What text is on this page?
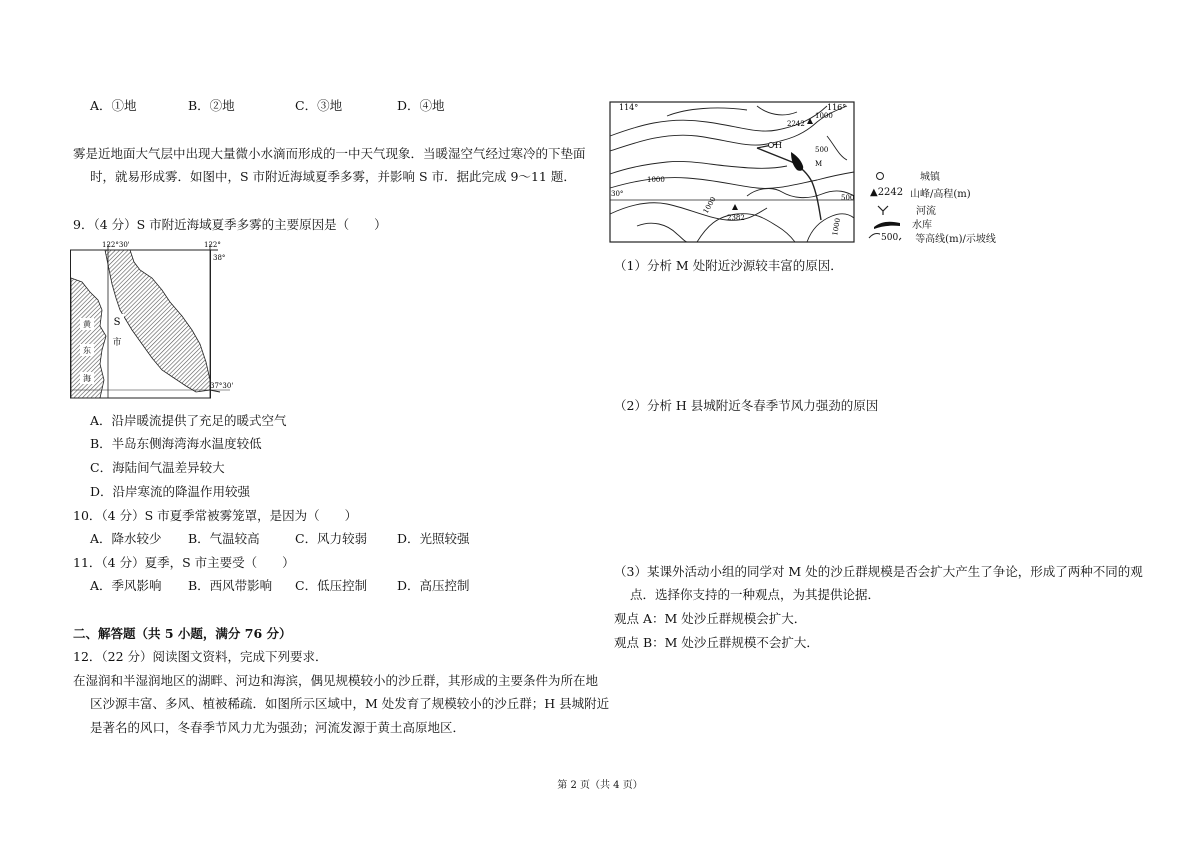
A．①地	B．②地	C．③地	D．④地
雾是近地面大气层中出现大量微小水滴而形成的一中天气现象．当暖湿空气经过寒冷的下垫面
时，就易形成雾．如图中，S 市附近海域夏季多雾，并影响 S 市．据此完成 9～11 题．
9．（4 分）S 市附近海域夏季多雾的主要原因是（　　）
S
市
黄
东
海
122°30'	122°
38°
37°30'
A．沿岸暖流提供了充足的暖式空气
B．半岛东侧海湾海水温度较低
C．海陆间气温差异较大
D．沿岸寒流的降温作用较强
10．（4 分）S 市夏季常被雾笼罩，是因为（　　）
A．降水较少 B．气温较高	C．风力较弱 D．光照较强
11．（4 分）夏季，S 市主要受（　　）
A．季风影响 B．西风带影响 C．低压控制 D．高压控制
二、解答题（共 5 小题，满分 76 分）
12．（22 分）阅读图文资料，完成下列要求．
在湿润和半湿润地区的湖畔、河边和海滨，偶见规模较小的沙丘群，其形成的主要条件为所在地
区沙源丰富、多风、植被稀疏．如图所示区域中，M 处发育了规模较小的沙丘群；H 县城附近
是著名的风口，冬春季节风力尤为强劲；河流发源于黄土高原地区．
H
M
2242
2382
1000
1000
1000
500
1000
500
114°	116°
30°
城镇
▲2242 山峰/高程(m)
河流
水库
500 等高线(m)/示坡线
（1）分析 M 处附近沙源较丰富的原因．
（2）分析 H 县城附近冬春季节风力强劲的原因
（3）某课外活动小组的同学对 M 处的沙丘群规模是否会扩大产生了争论，形成了两种不同的观
点．选择你支持的一种观点，为其提供论据．
观点 A：M 处沙丘群规模会扩大．
观点 B：M 处沙丘群规模不会扩大．
第 2 页（共 4 页）
